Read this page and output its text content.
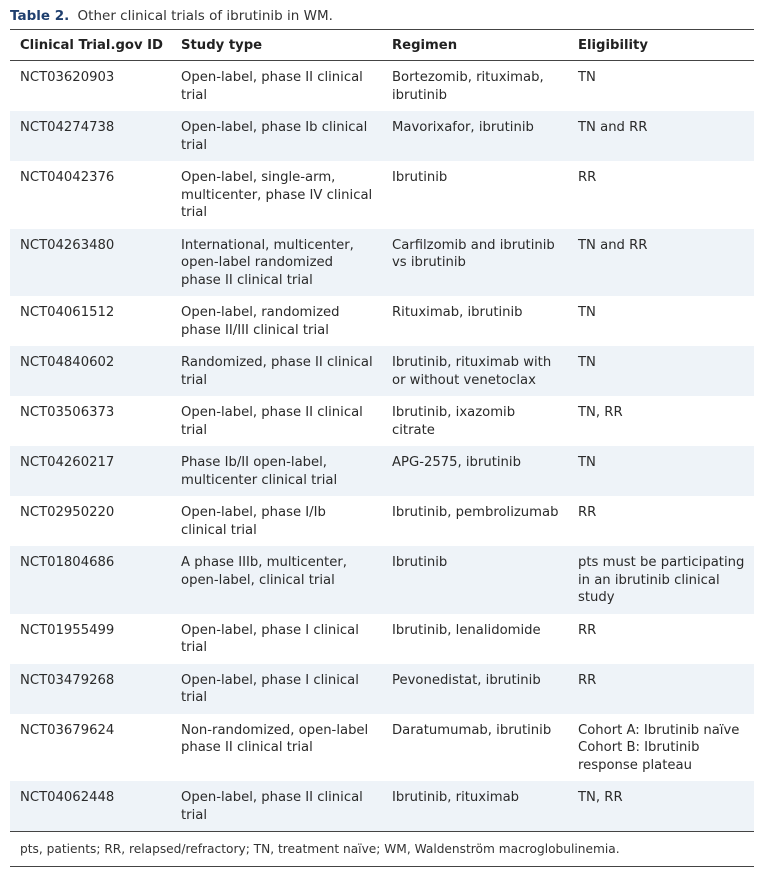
Table 2. Other clinical trials of ibrutinib in WM.
Clinical Trial.gov ID	Study type	Regimen	Eligibility
NCT03620903	Open-label, phase II clinical trial	Bortezomib, rituximab, ibrutinib	TN
NCT04274738	Open-label, phase Ib clinical trial	Mavorixafor, ibrutinib	TN and RR
NCT04042376	Open-label, single-arm, multicenter, phase IV clinical trial	Ibrutinib	RR
NCT04263480	International, multicenter, open-label randomized phase II clinical trial	Carfilzomib and ibrutinib vs ibrutinib	TN and RR
NCT04061512	Open-label, randomized phase II/III clinical trial	Rituximab, ibrutinib	TN
NCT04840602	Randomized, phase II clinical trial	Ibrutinib, rituximab with or without venetoclax	TN
NCT03506373	Open-label, phase II clinical trial	Ibrutinib, ixazomib citrate	TN, RR
NCT04260217	Phase Ib/II open-label, multicenter clinical trial	APG-2575, ibrutinib	TN
NCT02950220	Open-label, phase I/Ib clinical trial	Ibrutinib, pembrolizumab	RR
NCT01804686	A phase IIIb, multicenter, open-label, clinical trial	Ibrutinib	pts must be participating in an ibrutinib clinical study
NCT01955499	Open-label, phase I clinical trial	Ibrutinib, lenalidomide	RR
NCT03479268	Open-label, phase I clinical trial	Pevonedistat, ibrutinib	RR
NCT03679624	Non-randomized, open-label phase II clinical trial	Daratumumab, ibrutinib	Cohort A: Ibrutinib naïve Cohort B: Ibrutinib response plateau
NCT04062448	Open-label, phase II clinical trial	Ibrutinib, rituximab	TN, RR
pts, patients; RR, relapsed/refractory; TN, treatment naïve; WM, Waldenström macroglobulinemia.			
